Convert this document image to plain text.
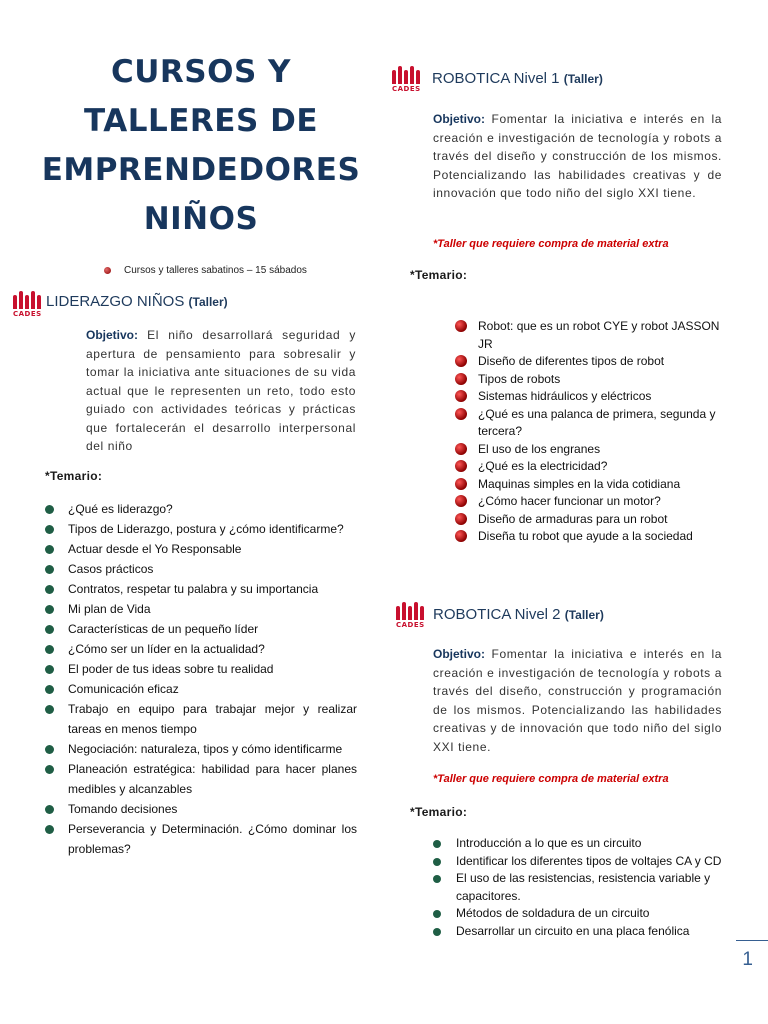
CURSOS Y
TALLERES DE
EMPRENDEDORES
NIÑOS
Cursos y talleres sabatinos – 15 sábados
CADES
LIDERAZGO NIÑOS (Taller)
Objetivo: El niño desarrollará seguridad y apertura de pensamiento para sobresalir y tomar la iniciativa ante situaciones de su vida actual que le representen un reto, todo esto guiado con actividades teóricas y prácticas que fortalecerán el desarrollo interpersonal del niño
*Temario:
¿Qué es liderazgo?
Tipos de Liderazgo, postura y ¿cómo identificarme?
Actuar desde el Yo Responsable
Casos prácticos
Contratos, respetar tu palabra y su importancia
Mi plan de Vida
Características de un pequeño líder
¿Cómo ser un líder en la actualidad?
El poder de tus ideas sobre tu realidad
Comunicación eficaz
Trabajo en equipo para trabajar mejor y realizar tareas en menos tiempo
Negociación: naturaleza, tipos y cómo identificarme
Planeación estratégica: habilidad para hacer planes medibles y alcanzables
Tomando decisiones
Perseverancia y Determinación. ¿Cómo dominar los problemas?
CADES
ROBOTICA Nivel 1 (Taller)
Objetivo: Fomentar la iniciativa e interés en la creación e investigación de tecnología y robots a través del diseño y construcción de los mismos. Potencializando las habilidades creativas y de innovación que todo niño del siglo XXI tiene.
*Taller que requiere compra de material extra
*Temario:
Robot: que es un robot CYE y robot JASSON JR
Diseño de diferentes tipos de robot
Tipos de robots
Sistemas hidráulicos y eléctricos
¿Qué es una palanca de primera, segunda y tercera?
El uso de los engranes
¿Qué es la electricidad?
Maquinas simples en la vida cotidiana
¿Cómo hacer funcionar un motor?
Diseño de armaduras para un robot
Diseña tu robot que ayude a la sociedad
CADES
ROBOTICA Nivel 2 (Taller)
Objetivo: Fomentar la iniciativa e interés en la creación e investigación de tecnología y robots a través del diseño, construcción y programación de los mismos. Potencializando las habilidades creativas y de innovación que todo niño del siglo XXI tiene.
*Taller que requiere compra de material extra
*Temario:
Introducción a lo que es un circuito
Identificar los diferentes tipos de voltajes CA y CD
El uso de las resistencias, resistencia variable y capacitores.
Métodos de soldadura de un circuito
Desarrollar un circuito en una placa fenólica
1
